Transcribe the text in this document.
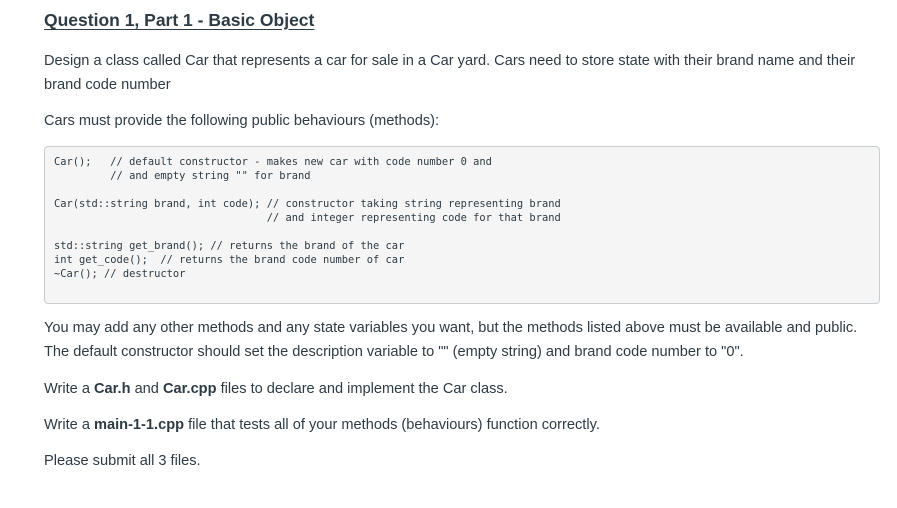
Question 1, Part 1 - Basic Object

Design a class called Car that represents a car for sale in a Car yard. Cars need to store state with their brand name and their brand code number

Cars must provide the following public behaviours (methods):

Car();   // default constructor - makes new car with code number 0 and
// and empty string "" for brand
Car(std::string brand, int code); // constructor taking string representing brand
// and integer representing code for that brand
std::string get_brand(); // returns the brand of the car
int get_code();  // returns the brand code number of car
~Car(); // destructor

You may add any other methods and any state variables you want, but the methods listed above must be available and public. The default constructor should set the description variable to "" (empty string) and brand code number to "0".

Write a Car.h and Car.cpp files to declare and implement the Car class.

Write a main-1-1.cpp file that tests all of your methods (behaviours) function correctly.

Please submit all 3 files.
